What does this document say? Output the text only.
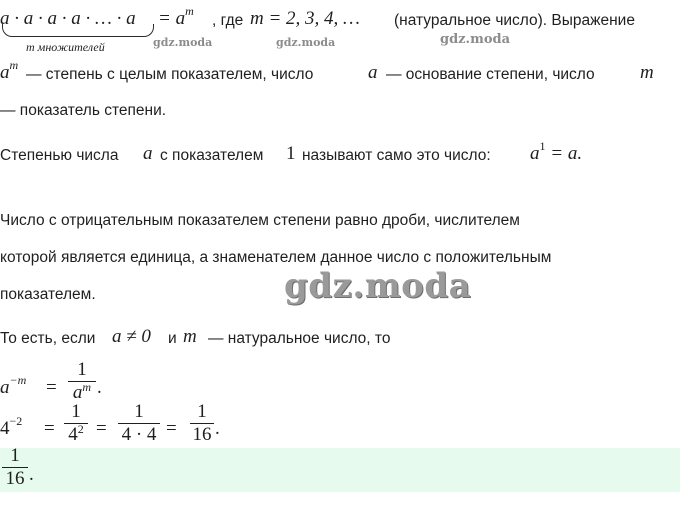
a · a · a · a · … · a
m множителей	gdz.moda
= $a^m$
, где m = 2, 3, 4, …
gdz.moda
(натуральное число). Выражение
gdz.moda
$a^m$
— степень с целым показателем, число	a — основание степени, число m
— показатель степени.
Степенью числа a с показателем 1 называют само это число: $a^1 = a$.
Число с отрицательным показателем степени равно дроби, числителем
которой является единица, а знаменателем данное число с положительным
показателем.	gdz.moda
То есть, если a ≠ 0 и m — натуральное число, то
$a^{-m}$ =
1
$a^m$ .
$4^{-2}$ =
1
$4^2$ =
1
4 · 4 =
1
16 .
1
16 .
